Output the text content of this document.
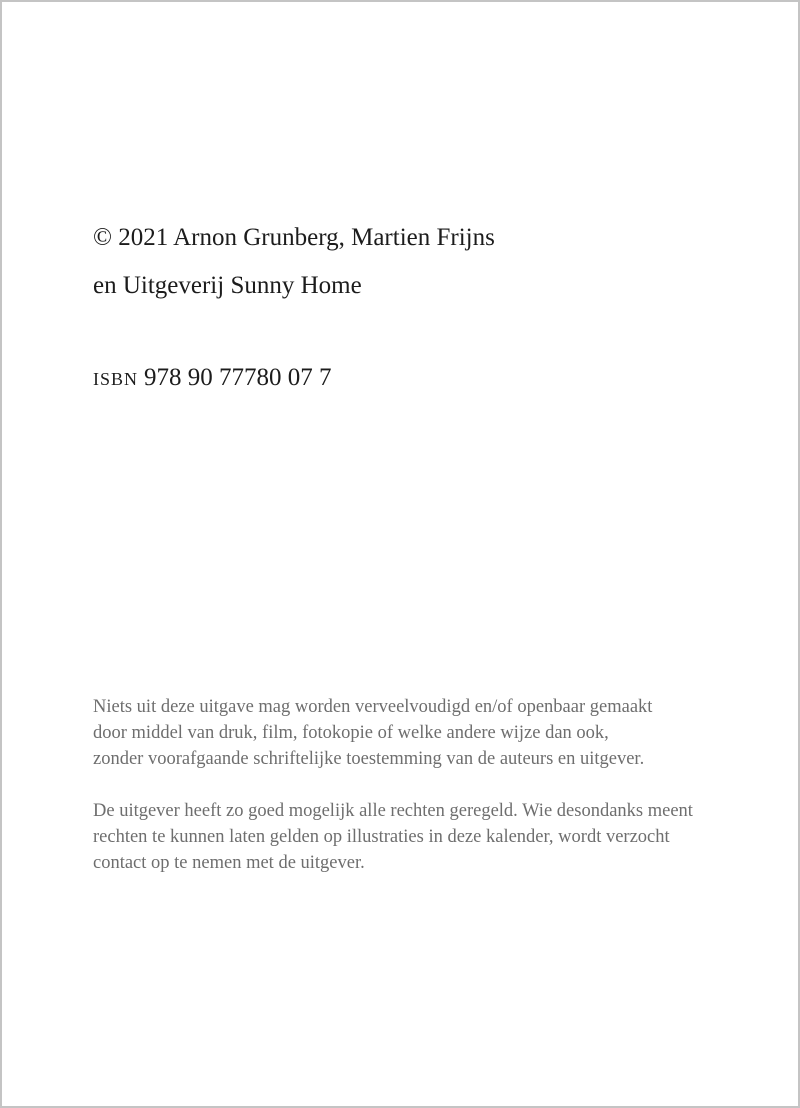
© 2021 Arnon Grunberg, Martien Frijns
en Uitgeverij Sunny Home
isbn 978 90 77780 07 7

Niets uit deze uitgave mag worden verveelvoudigd en/of openbaar gemaakt
door middel van druk, film, fotokopie of welke andere wijze dan ook,
zonder voorafgaande schriftelijke toestemming van de auteurs en uitgever.

De uitgever heeft zo goed mogelijk alle rechten geregeld. Wie desondanks meent
rechten te kunnen laten gelden op illustraties in deze kalender, wordt verzocht
contact op te nemen met de uitgever.
